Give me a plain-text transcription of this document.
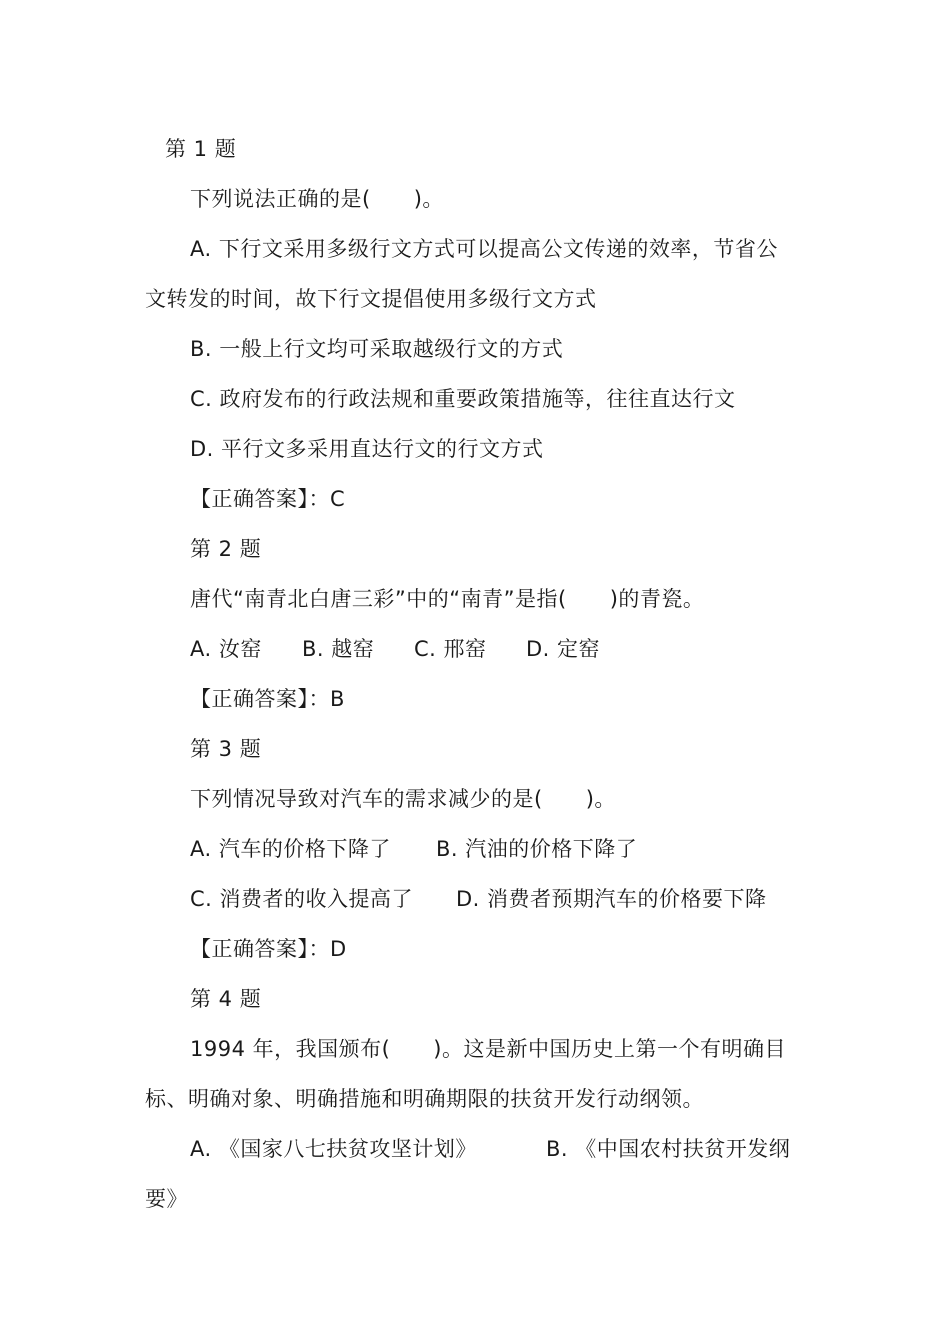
第 1 题
下列说法正确的是(　　)。
A. 下行文采用多级行文方式可以提高公文传递的效率，节省公
文转发的时间，故下行文提倡使用多级行文方式
B. 一般上行文均可采取越级行文的方式
C. 政府发布的行政法规和重要政策措施等，往往直达行文
D. 平行文多采用直达行文的行文方式
【正确答案】：C
第 2 题
唐代“南青北白唐三彩”中的“南青”是指(　　)的青瓷。
A. 汝窑 B. 越窑 C. 邢窑 D. 定窑
【正确答案】：B
第 3 题
下列情况导致对汽车的需求减少的是(　　)。
A. 汽车的价格下降了 B. 汽油的价格下降了
C. 消费者的收入提高了 D. 消费者预期汽车的价格要下降
【正确答案】：D
第 4 题
1994 年，我国颁布(　　)。这是新中国历史上第一个有明确目
标、明确对象、明确措施和明确期限的扶贫开发行动纲领。
A. 《国家八七扶贫攻坚计划》	B. 《中国农村扶贫开发纲
要》
